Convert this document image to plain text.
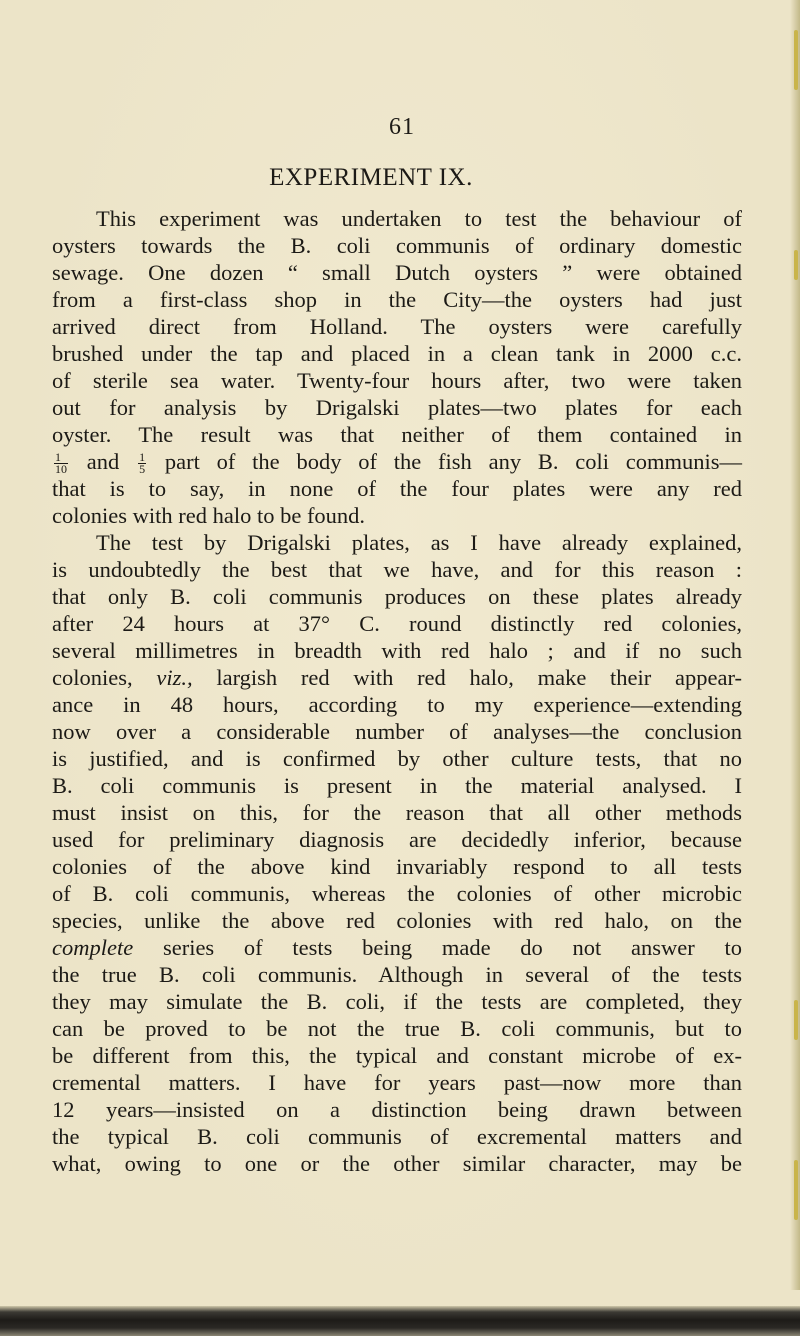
61
EXPERIMENT IX.
This experiment was undertaken to test the behaviour of
oysters towards the B. coli communis of ordinary domestic
sewage. One dozen “ small Dutch oysters ” were obtained
from a first-class shop in the City—the oysters had just
arrived direct from Holland. The oysters were carefully
brushed under the tap and placed in a clean tank in 2000 c.c.
of sterile sea water. Twenty-four hours after, two were taken
out for analysis by Drigalski plates—two plates for each
oyster. The result was that neither of them contained in
$\frac{1}{10}$ and $\frac{1}{5}$ part of the body of the fish any B. coli communis—
that is to say, in none of the four plates were any red
colonies with red halo to be found.
The test by Drigalski plates, as I have already explained,
is undoubtedly the best that we have, and for this reason :
that only B. coli communis produces on these plates already
after 24 hours at 37° C. round distinctly red colonies,
several millimetres in breadth with red halo ; and if no such
colonies, viz., largish red with red halo, make their appear-
ance in 48 hours, according to my experience—extending
now over a considerable number of analyses—the conclusion
is justified, and is confirmed by other culture tests, that no
B. coli communis is present in the material analysed. I
must insist on this, for the reason that all other methods
used for preliminary diagnosis are decidedly inferior, because
colonies of the above kind invariably respond to all tests
of B. coli communis, whereas the colonies of other microbic
species, unlike the above red colonies with red halo, on the
complete series of tests being made do not answer to
the true B. coli communis. Although in several of the tests
they may simulate the B. coli, if the tests are completed, they
can be proved to be not the true B. coli communis, but to
be different from this, the typical and constant microbe of ex-
cremental matters. I have for years past—now more than
12 years—insisted on a distinction being drawn between
the typical B. coli communis of excremental matters and
what, owing to one or the other similar character, may be
